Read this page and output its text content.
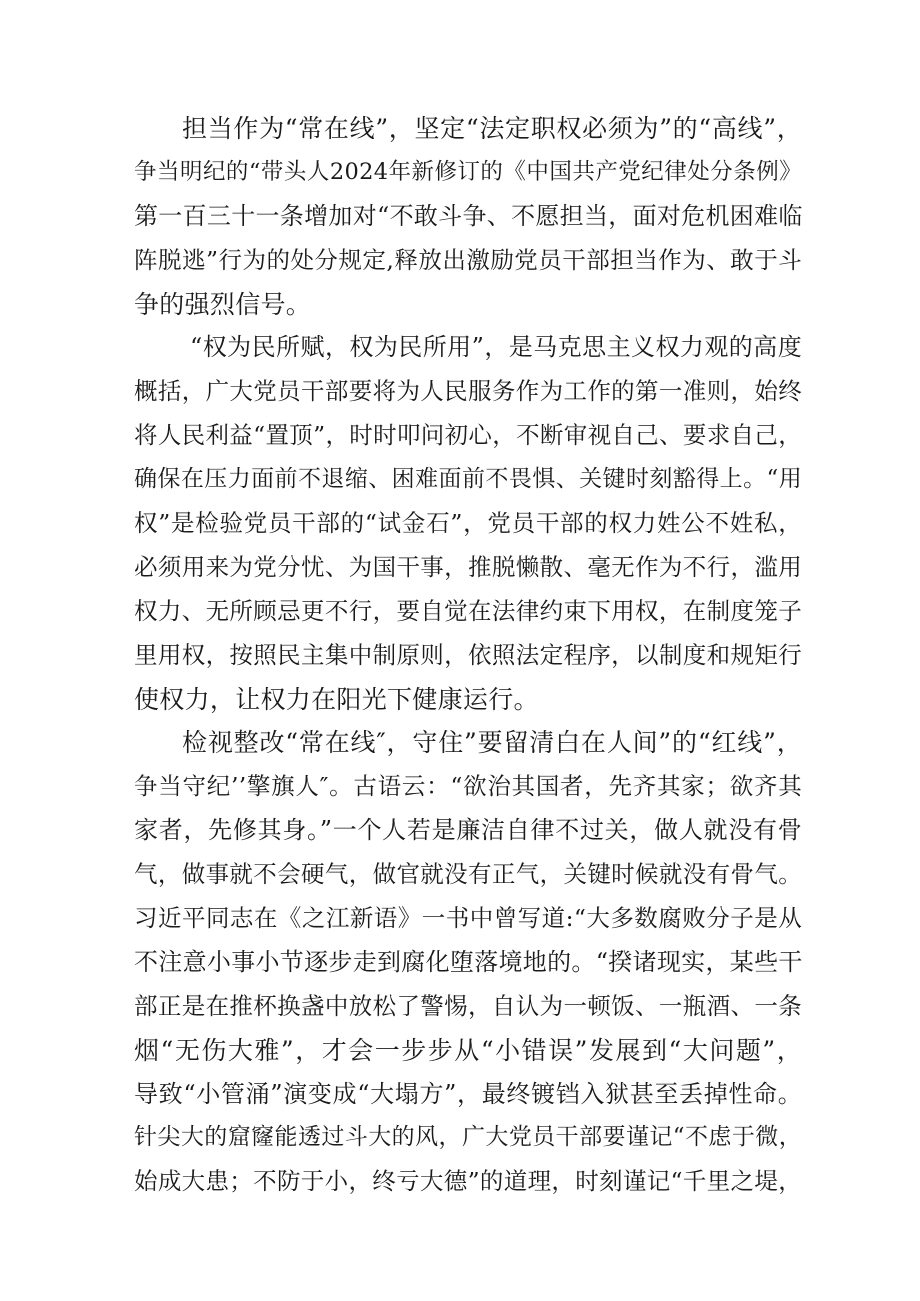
担当作为“常在线”，坚定“法定职权必须为”的“高线”，
争当明纪的“带头人2024年新修订的《中国共产党纪律处分条例》
第一百三十一条增加对“不敢斗争、不愿担当，面对危机困难临
阵脱逃”行为的处分规定,释放出激励党员干部担当作为、敢于斗
争的强烈信号。
“权为民所赋，权为民所用”，是马克思主义权力观的高度
概括，广大党员干部要将为人民服务作为工作的第一准则，始终
将人民利益“置顶”，时时叩问初心，不断审视自己、要求自己，
确保在压力面前不退缩、困难面前不畏惧、关键时刻豁得上。“用
权”是检验党员干部的“试金石”，党员干部的权力姓公不姓私，
必须用来为党分忧、为国干事，推脱懒散、毫无作为不行，滥用
权力、无所顾忌更不行，要自觉在法律约束下用权，在制度笼子
里用权，按照民主集中制原则，依照法定程序，以制度和规矩行
使权力，让权力在阳光下健康运行。
检视整改“常在线″，守住”要留清白在人间”的“红线”，
争当守纪’’擎旗人″。古语云：“欲治其国者，先齐其家；欲齐其
家者，先修其身。”一个人若是廉洁自律不过关，做人就没有骨
气，做事就不会硬气，做官就没有正气，关键时候就没有骨气。
习近平同志在《之江新语》一书中曾写道:“大多数腐败分子是从
不注意小事小节逐步走到腐化堕落境地的。“揆诸现实，某些干
部正是在推杯换盏中放松了警惕，自认为一顿饭、一瓶酒、一条
烟“无伤大雅”，才会一步步从“小错误”发展到“大问题”，
导致“小管涌”演变成“大塌方”，最终镀铛入狱甚至丢掉性命。
针尖大的窟窿能透过斗大的风，广大党员干部要谨记“不虑于微，
始成大患；不防于小，终亏大德”的道理，时刻谨记“千里之堤，
